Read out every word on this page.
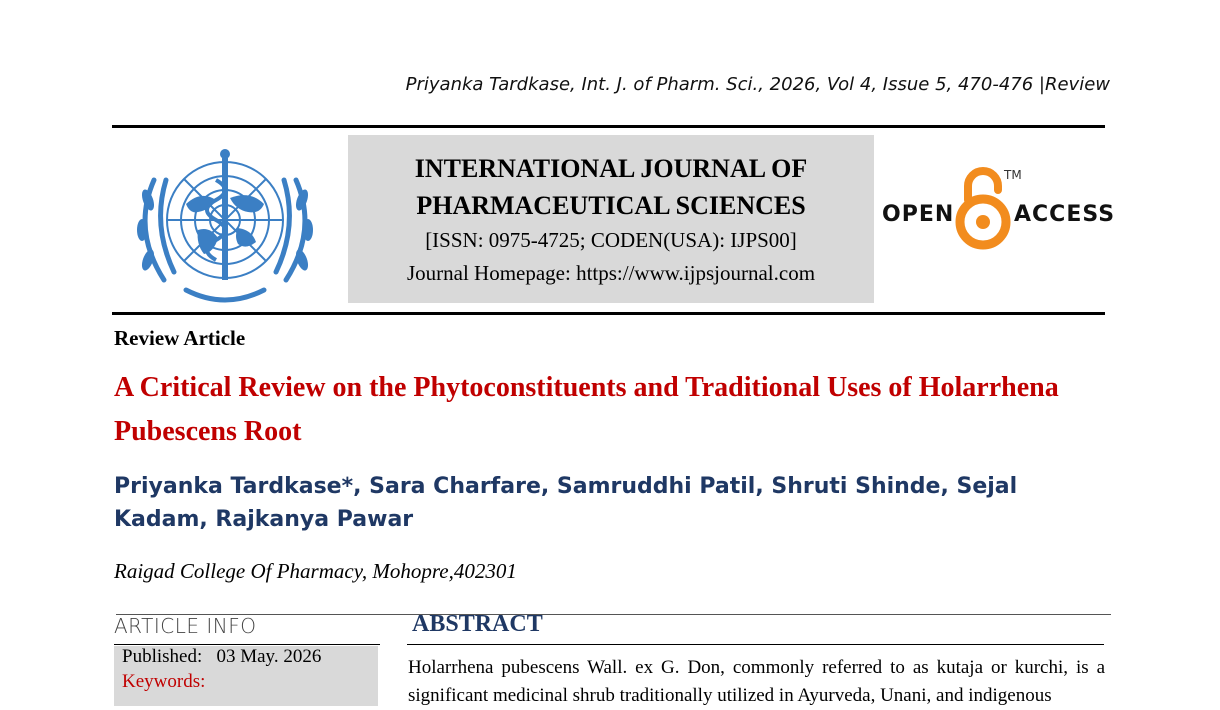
Priyanka Tardkase, Int. J. of Pharm. Sci., 2026, Vol 4, Issue 5, 470-476 |Review
INTERNATIONAL JOURNAL OF
PHARMACEUTICAL SCIENCES
[ISSN: 0975-4725; CODEN(USA): IJPS00]
Journal Homepage: https://www.ijpsjournal.com
OPEN
TM
ACCESS
Review Article
A Critical Review on the Phytoconstituents and Traditional Uses of Holarrhena Pubescens Root
Priyanka Tardkase*, Sara Charfare, Samruddhi Patil, Shruti Shinde, Sejal Kadam, Rajkanya Pawar
Raigad College Of Pharmacy, Mohopre,402301
ARTICLE INFO
Published:   03 May. 2026
Keywords:
ABSTRACT
Holarrhena pubescens Wall. ex G. Don, commonly referred to as kutaja or kurchi, is a significant medicinal shrub traditionally utilized in Ayurveda, Unani, and indigenous
